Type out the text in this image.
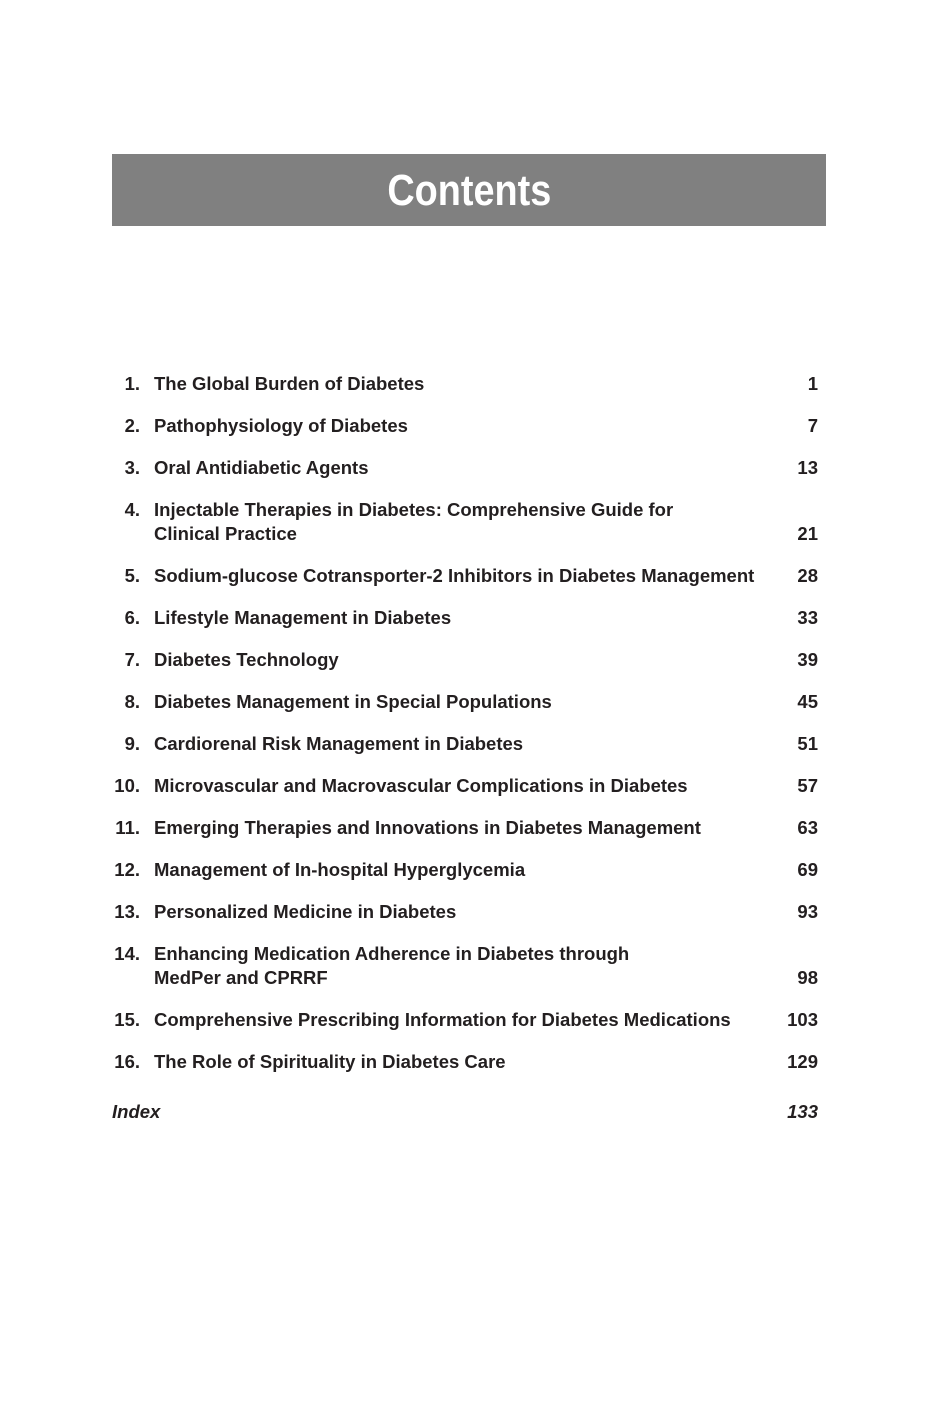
Contents
1. The Global Burden of Diabetes	1
2. Pathophysiology of Diabetes	7
3. Oral Antidiabetic Agents	13
4. Injectable Therapies in Diabetes: Comprehensive Guide for
Clinical Practice	21
5. Sodium-glucose Cotransporter-2 Inhibitors in Diabetes Management 28
6. Lifestyle Management in Diabetes	33
7. Diabetes Technology	39
8. Diabetes Management in Special Populations	45
9. Cardiorenal Risk Management in Diabetes	51
10. Microvascular and Macrovascular Complications in Diabetes	57
11. Emerging Therapies and Innovations in Diabetes Management	63
12. Management of In-hospital Hyperglycemia	69
13. Personalized Medicine in Diabetes	93
14. Enhancing Medication Adherence in Diabetes through
MedPer and CPRRF	98
15. Comprehensive Prescribing Information for Diabetes Medications	103
16. The Role of Spirituality in Diabetes Care	129
Index	133
